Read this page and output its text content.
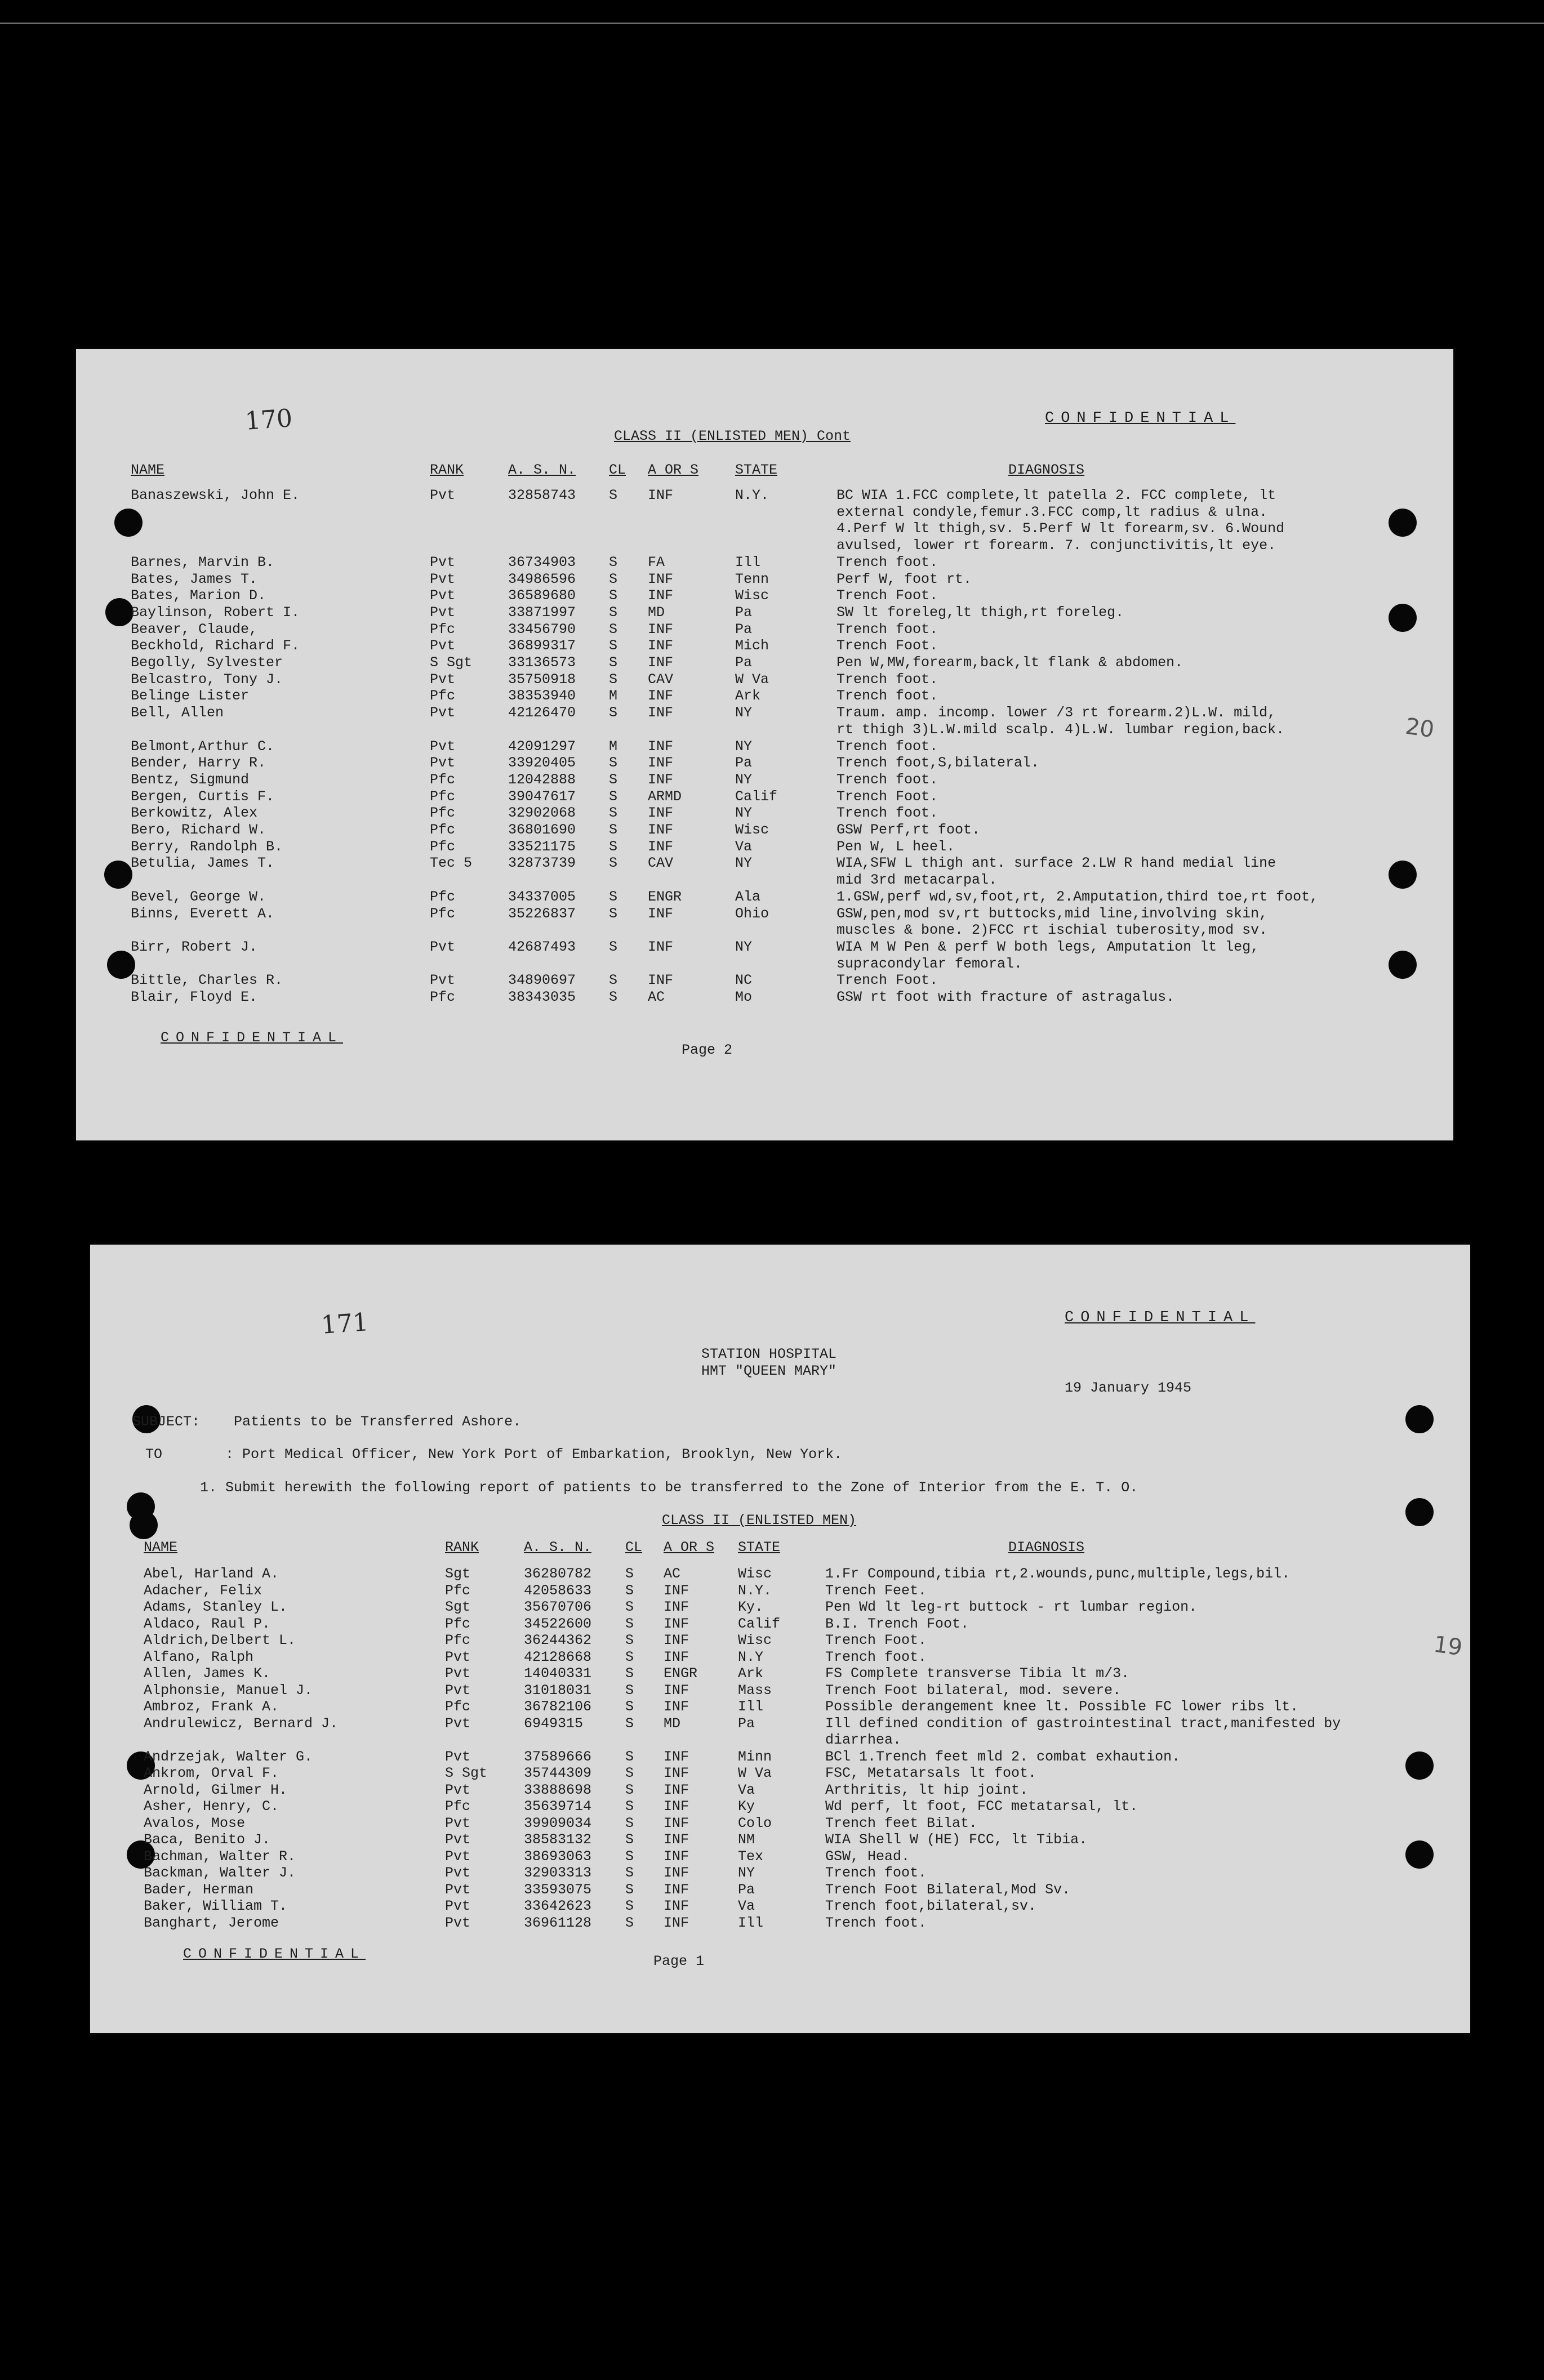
170	CONFIDENTIAL
CLASS II (ENLISTED MEN) Cont
20
NAME	RANK	A. S. N. CL A OR S	STATE	DIAGNOSIS
Banaszewski, John E.	Pvt	32858743 S INF	N.Y.	BC WIA 1.FCC complete,lt patella 2. FCC complete, lt
external condyle,femur.3.FCC comp,lt radius & ulna.
4.Perf W lt thigh,sv. 5.Perf W lt forearm,sv. 6.Wound
avulsed, lower rt forearm. 7. conjunctivitis,lt eye.
Barnes, Marvin B.	Pvt	36734903 S FA	Ill	Trench foot.
Bates, James T.	Pvt	34986596 S INF	Tenn	Perf W, foot rt.
Bates, Marion D.	Pvt	36589680 S INF	Wisc	Trench Foot.
Baylinson, Robert I.	Pvt	33871997 S MD	Pa	SW lt foreleg,lt thigh,rt foreleg.
Beaver, Claude,	Pfc	33456790 S INF	Pa	Trench foot.
Beckhold, Richard F.	Pvt	36899317 S INF	Mich	Trench Foot.
Begolly, Sylvester	S Sgt	33136573 S INF	Pa	Pen W,MW,forearm,back,lt flank & abdomen.
Belcastro, Tony J.	Pvt	35750918 S CAV	W Va	Trench foot.
Belinge Lister	Pfc	38353940 M INF	Ark	Trench foot.
Bell, Allen	Pvt	42126470 S INF	NY	Traum. amp. incomp. lower /3 rt forearm.2)L.W. mild,
rt thigh 3)L.W.mild scalp. 4)L.W. lumbar region,back.
Belmont,Arthur C.	Pvt	42091297 M INF	NY	Trench foot.
Bender, Harry R.	Pvt	33920405 S INF	Pa	Trench foot,S,bilateral.
Bentz, Sigmund	Pfc	12042888 S INF	NY	Trench foot.
Bergen, Curtis F.	Pfc	39047617 S ARMD	Calif	Trench Foot.
Berkowitz, Alex	Pfc	32902068 S INF	NY	Trench foot.
Bero, Richard W.	Pfc	36801690 S INF	Wisc	GSW Perf,rt foot.
Berry, Randolph B.	Pfc	33521175 S INF	Va	Pen W, L heel.
Betulia, James T.	Tec 5	32873739 S CAV	NY	WIA,SFW L thigh ant. surface 2.LW R hand medial line
mid 3rd metacarpal.
Bevel, George W.	Pfc	34337005 S ENGR	Ala	1.GSW,perf wd,sv,foot,rt, 2.Amputation,third toe,rt foot,
Binns, Everett A.	Pfc	35226837 S INF	Ohio	GSW,pen,mod sv,rt buttocks,mid line,involving skin,
muscles & bone. 2)FCC rt ischial tuberosity,mod sv.
Birr, Robert J.	Pvt	42687493 S INF	NY	WIA M W Pen & perf W both legs, Amputation lt leg,
supracondylar femoral.
Bittle, Charles R.	Pvt	34890697 S INF	NC	Trench Foot.
Blair, Floyd E.	Pfc	38343035 S AC	Mo	GSW rt foot with fracture of astragalus.
CONFIDENTIAL
Page 2
171	CONFIDENTIAL
STATION HOSPITAL
HMT "QUEEN MARY"
19 January 1945
19
SUBJECT: Patients to be Transferred Ashore.
TO	: Port Medical Officer, New York Port of Embarkation, Brooklyn, New York.
1. Submit herewith the following report of patients to be transferred to the Zone of Interior from the E. T. O.
CLASS II (ENLISTED MEN)
NAME	RANK	A. S. N. CL A OR S STATE	DIAGNOSIS
Abel, Harland A.	Sgt	36280782 S AC	Wisc	1.Fr Compound,tibia rt,2.wounds,punc,multiple,legs,bil.
Adacher, Felix	Pfc	42058633 S INF	N.Y.	Trench Feet.
Adams, Stanley L.	Sgt	35670706 S INF	Ky.	Pen Wd lt leg-rt buttock - rt lumbar region.
Aldaco, Raul P.	Pfc	34522600 S INF	Calif	B.I. Trench Foot.
Aldrich,Delbert L.	Pfc	36244362 S INF	Wisc	Trench Foot.
Alfano, Ralph	Pvt	42128668 S INF	N.Y	Trench foot.
Allen, James K.	Pvt	14040331 S ENGR	Ark	FS Complete transverse Tibia lt m/3.
Alphonsie, Manuel J.	Pvt	31018031 S INF	Mass	Trench Foot bilateral, mod. severe.
Ambroz, Frank A.	Pfc	36782106 S INF	Ill	Possible derangement knee lt. Possible FC lower ribs lt.
Andrulewicz, Bernard J.	Pvt	6949315	S MD	Pa	Ill defined condition of gastrointestinal tract,manifested by
diarrhea.
Andrzejak, Walter G.	Pvt	37589666 S INF	Minn	BCl 1.Trench feet mld 2. combat exhaution.
Ankrom, Orval F.	S Sgt	35744309 S INF	W Va	FSC, Metatarsals lt foot.
Arnold, Gilmer H.	Pvt	33888698 S INF	Va	Arthritis, lt hip joint.
Asher, Henry, C.	Pfc	35639714 S INF	Ky	Wd perf, lt foot, FCC metatarsal, lt.
Avalos, Mose	Pvt	39909034 S INF	Colo	Trench feet Bilat.
Baca, Benito J.	Pvt	38583132 S INF	NM	WIA Shell W (HE) FCC, lt Tibia.
Bachman, Walter R.	Pvt	38693063 S INF	Tex	GSW, Head.
Backman, Walter J.	Pvt	32903313 S INF	NY	Trench foot.
Bader, Herman	Pvt	33593075 S INF	Pa	Trench Foot Bilateral,Mod Sv.
Baker, William T.	Pvt	33642623 S INF	Va	Trench foot,bilateral,sv.
Banghart, Jerome	Pvt	36961128 S INF	Ill	Trench foot.
CONFIDENTIAL	Page 1
